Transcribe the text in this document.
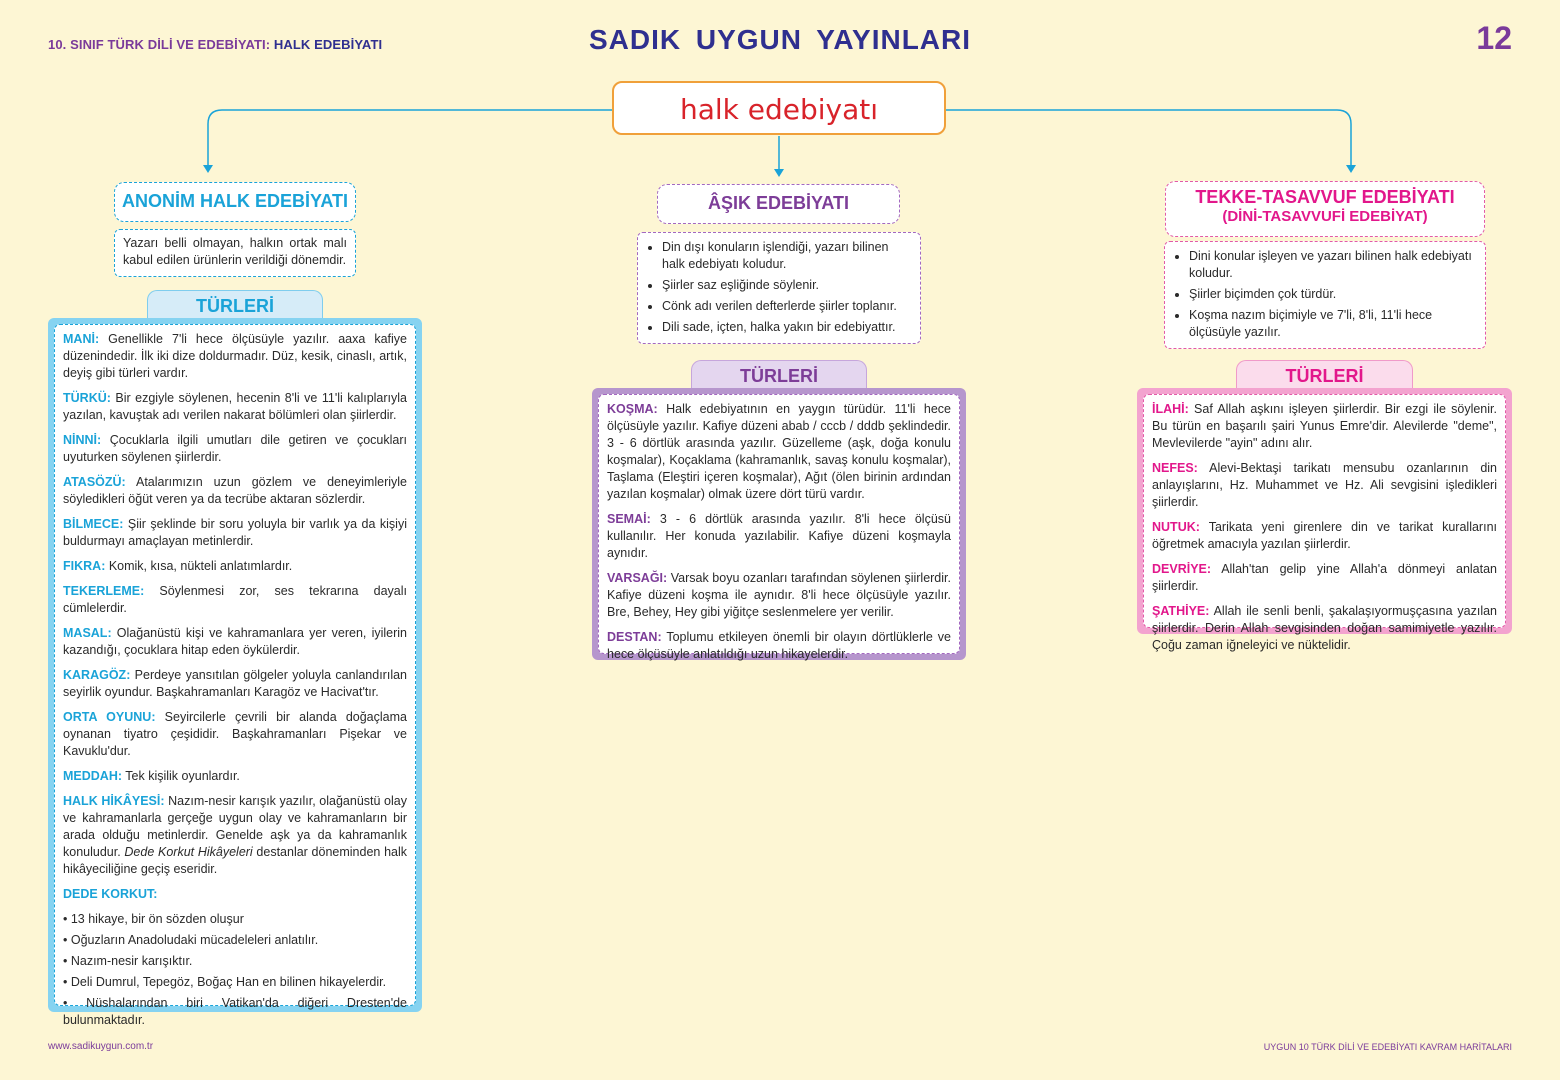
10. SINIF TÜRK DİLİ VE EDEBİYATI: HALK EDEBİYATI	SADIK UYGUN YAYINLARI	12
halk edebiyatı
ANONİM HALK EDEBİYATI
Yazarı belli olmayan, halkın ortak malı kabul edilen ürünlerin verildiği dönemdir.
TÜRLERİ
MANİ: Genellikle 7'li hece ölçüsüyle yazılır. aaxa kafiye düzenindedir. İlk iki dize doldurmadır. Düz, kesik, cinaslı, artık, deyiş gibi türleri vardır.
TÜRKÜ: Bir ezgiyle söylenen, hecenin 8'li ve 11'li kalıplarıyla yazılan, kavuştak adı verilen nakarat bölümleri olan şiirlerdir.
NİNNİ: Çocuklarla ilgili umutları dile getiren ve çocukları uyuturken söylenen şiirlerdir.
ATASÖZÜ: Atalarımızın uzun gözlem ve deneyimleriyle söyledikleri öğüt veren ya da tecrübe aktaran sözlerdir.
BİLMECE: Şiir şeklinde bir soru yoluyla bir varlık ya da kişiyi buldurmayı amaçlayan metinlerdir.
FIKRA: Komik, kısa, nükteli anlatımlardır.
TEKERLEME: Söylenmesi zor, ses tekrarına dayalı cümlelerdir.
MASAL: Olağanüstü kişi ve kahramanlara yer veren, iyilerin kazandığı, çocuklara hitap eden öykülerdir.
KARAGÖZ: Perdeye yansıtılan gölgeler yoluyla canlandırılan seyirlik oyundur. Başkahramanları Karagöz ve Hacivat'tır.
ORTA OYUNU: Seyircilerle çevrili bir alanda doğaçlama oynanan tiyatro çeşididir. Başkahramanları Pişekar ve Kavuklu'dur.
MEDDAH: Tek kişilik oyunlardır.
HALK HİKÂYESİ: Nazım-nesir karışık yazılır, olağanüstü olay ve kahramanlarla gerçeğe uygun olay ve kahramanların bir arada olduğu metinlerdir. Genelde aşk ya da kahramanlık konuludur. Dede Korkut Hikâyeleri destanlar döneminden halk hikâyeciliğine geçiş eseridir.
DEDE KORKUT:
• 13 hikaye, bir ön sözden oluşur
• Oğuzların Anadoludaki mücadeleleri anlatılır.
• Nazım-nesir karışıktır.
• Deli Dumrul, Tepegöz, Boğaç Han en bilinen hikayelerdir.
• Nüshalarından biri Vatikan'da diğeri Dresten'de bulunmaktadır.
ÂŞIK EDEBİYATI
• Din dışı konuların işlendiği, yazarı bilinen halk edebiyatı koludur.
• Şiirler saz eşliğinde söylenir.
• Cönk adı verilen defterlerde şiirler toplanır.
• Dili sade, içten, halka yakın bir edebiyattır.
TÜRLERİ
KOŞMA: Halk edebiyatının en yaygın türüdür. 11'li hece ölçüsüyle yazılır. Kafiye düzeni abab / cccb / dddb şeklindedir. 3 - 6 dörtlük arasında yazılır. Güzelleme (aşk, doğa konulu koşmalar), Koçaklama (kahramanlık, savaş konulu koşmalar), Taşlama (Eleştiri içeren koşmalar), Ağıt (ölen birinin ardından yazılan koşmalar) olmak üzere dört türü vardır.
SEMAİ: 3 - 6 dörtlük arasında yazılır. 8'li hece ölçüsü kullanılır. Her konuda yazılabilir. Kafiye düzeni koşmayla aynıdır.
VARSAĞI: Varsak boyu ozanları tarafından söylenen şiirlerdir. Kafiye düzeni koşma ile aynıdır. 8'li hece ölçüsüyle yazılır. Bre, Behey, Hey gibi yiğitçe seslenmelere yer verilir.
DESTAN: Toplumu etkileyen önemli bir olayın dörtlüklerle ve hece ölçüsüyle anlatıldığı uzun hikayelerdir.
TEKKE-TASAVVUF EDEBİYATI
(DİNİ-TASAVVUFİ EDEBİYAT)
• Dini konular işleyen ve yazarı bilinen halk edebiyatı koludur.
• Şiirler biçimden çok türdür.
• Koşma nazım biçimiyle ve 7'li, 8'li, 11'li hece ölçüsüyle yazılır.
TÜRLERİ
İLAHİ: Saf Allah aşkını işleyen şiirlerdir. Bir ezgi ile söylenir. Bu türün en başarılı şairi Yunus Emre'dir. Alevilerde "deme", Mevlevilerde "ayin" adını alır.
NEFES: Alevi-Bektaşi tarikatı mensubu ozanlarının din anlayışlarını, Hz. Muhammet ve Hz. Ali sevgisini işledikleri şiirlerdir.
NUTUK: Tarikata yeni girenlere din ve tarikat kurallarını öğretmek amacıyla yazılan şiirlerdir.
DEVRİYE: Allah'tan gelip yine Allah'a dönmeyi anlatan şiirlerdir.
ŞATHİYE: Allah ile senli benli, şakalaşıyormuşçasına yazılan şiirlerdir. Derin Allah sevgisinden doğan samimiyetle yazılır. Çoğu zaman iğneleyici ve nüktelidir.
www.sadikuygun.com.tr	UYGUN 10 TÜRK DİLİ VE EDEBİYATI KAVRAM HARİTALARI
